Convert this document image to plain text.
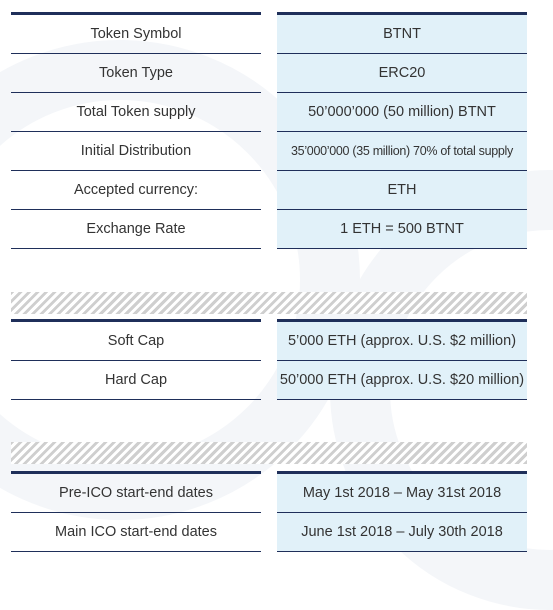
Token Symbol	BTNT
Token Type	ERC20
Total Token supply	50’000’000 (50 million) BTNT
Initial Distribution	35’000’000 (35 million) 70% of total supply
Accepted currency:	ETH
Exchange Rate	1 ETH = 500 BTNT
Soft Cap	5’000 ETH (approx. U.S. $2 million)
Hard Cap	50’000 ETH (approx. U.S. $20 million)
Pre-ICO start-end dates	May 1st 2018 – May 31st 2018
Main ICO start-end dates	June 1st 2018 – July 30th 2018
